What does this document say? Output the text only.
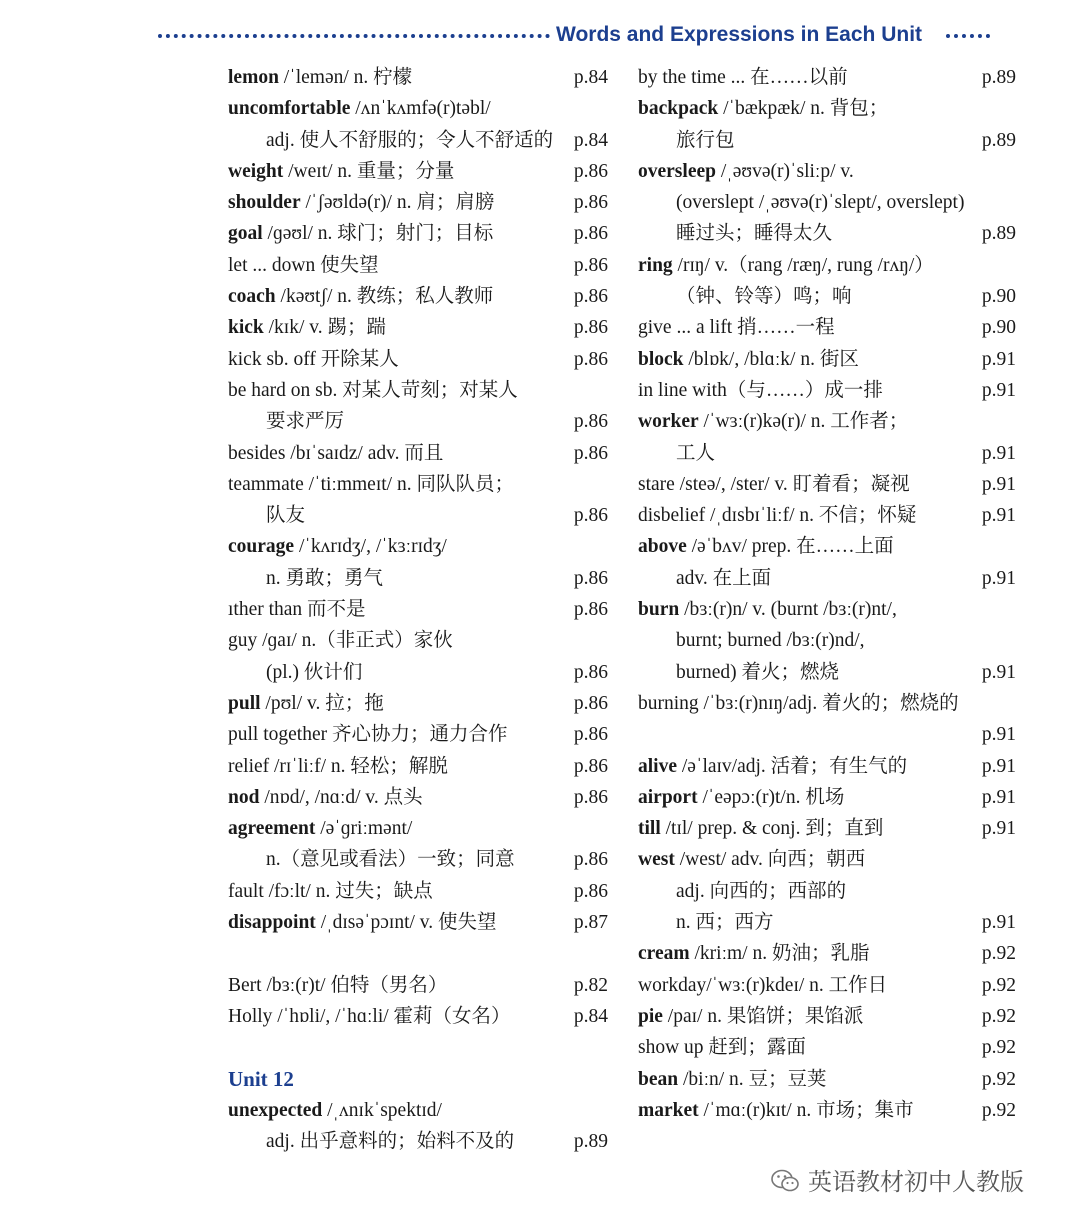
Words and Expressions in Each Unit
lemon /ˈlemən/ n. 柠檬	p.84
uncomfortable /ʌnˈkʌmfə(r)təbl/
adj. 使人不舒服的；令人不舒适的 p.84
weight /weɪt/ n. 重量；分量	p.86
shoulder /ˈʃəʊldə(r)/ n. 肩；肩膀	p.86
goal /ɡəʊl/ n. 球门；射门；目标	p.86
let ... down 使失望	p.86
coach /kəʊtʃ/ n. 教练；私人教师	p.86
kick /kɪk/ v. 踢；踹	p.86
kick sb. off 开除某人	p.86
be hard on sb. 对某人苛刻；对某人
要求严厉	p.86
besides /bɪˈsaɪdz/ adv. 而且	p.86
teammate /ˈtiːmmeɪt/ n. 同队队员；
队友	p.86
courage /ˈkʌrɪdʒ/, /ˈkɜːrɪdʒ/
n. 勇敢；勇气	p.86
ıther than 而不是	p.86
guy /ɡaɪ/ n.（非正式）家伙
(pl.) 伙计们	p.86
pull /pʊl/ v. 拉；拖	p.86
pull together 齐心协力；通力合作	p.86
relief /rɪˈliːf/ n. 轻松；解脱	p.86
nod /nɒd/, /nɑːd/ v. 点头	p.86
agreement /əˈɡriːmənt/
n.（意见或看法）一致；同意	p.86
fault /fɔːlt/ n. 过失；缺点	p.86
disappoint /ˌdɪsəˈpɔɪnt/ v. 使失望	p.87
Bert /bɜː(r)t/ 伯特（男名）	p.82
Holly /ˈhɒli/, /ˈhɑːli/ 霍莉（女名）	p.84
Unit 12
unexpected /ˌʌnɪkˈspektɪd/
adj. 出乎意料的；始料不及的	p.89
by the time ... 在……以前	p.89
backpack /ˈbækpæk/ n. 背包；
旅行包	p.89
oversleep /ˌəʊvə(r)ˈsliːp/ v.
(overslept /ˌəʊvə(r)ˈslept/, overslept)
睡过头；睡得太久	p.89
ring /rɪŋ/ v.（rang /ræŋ/, rung /rʌŋ/）
（钟、铃等）鸣；响	p.90
give ... a lift 捎……一程	p.90
block /blɒk/, /blɑːk/ n. 街区	p.91
in line with（与……）成一排	p.91
worker /ˈwɜː(r)kə(r)/ n. 工作者；
工人	p.91
stare /steə/, /ster/ v. 盯着看；凝视	p.91
disbelief /ˌdɪsbɪˈliːf/ n. 不信；怀疑	p.91
above /əˈbʌv/ prep. 在……上面
adv. 在上面	p.91
burn /bɜː(r)n/ v. (burnt /bɜː(r)nt/,
burnt; burned /bɜː(r)nd/,
burned) 着火；燃烧	p.91
burning /ˈbɜː(r)nɪŋ/adj. 着火的；燃烧的
p.91
alive /əˈlaɪv/adj. 活着；有生气的	p.91
airport /ˈeəpɔː(r)t/n. 机场	p.91
till /tɪl/ prep. & conj. 到；直到	p.91
west /west/ adv. 向西；朝西
adj. 向西的；西部的
n. 西；西方	p.91
cream /kriːm/ n. 奶油；乳脂	p.92
workday/ˈwɜː(r)kdeɪ/ n. 工作日	p.92
pie /paɪ/ n. 果馅饼；果馅派	p.92
show up 赶到；露面	p.92
bean /biːn/ n. 豆；豆荚	p.92
market /ˈmɑː(r)kɪt/ n. 市场；集市	p.92
英语教材初中人教版
